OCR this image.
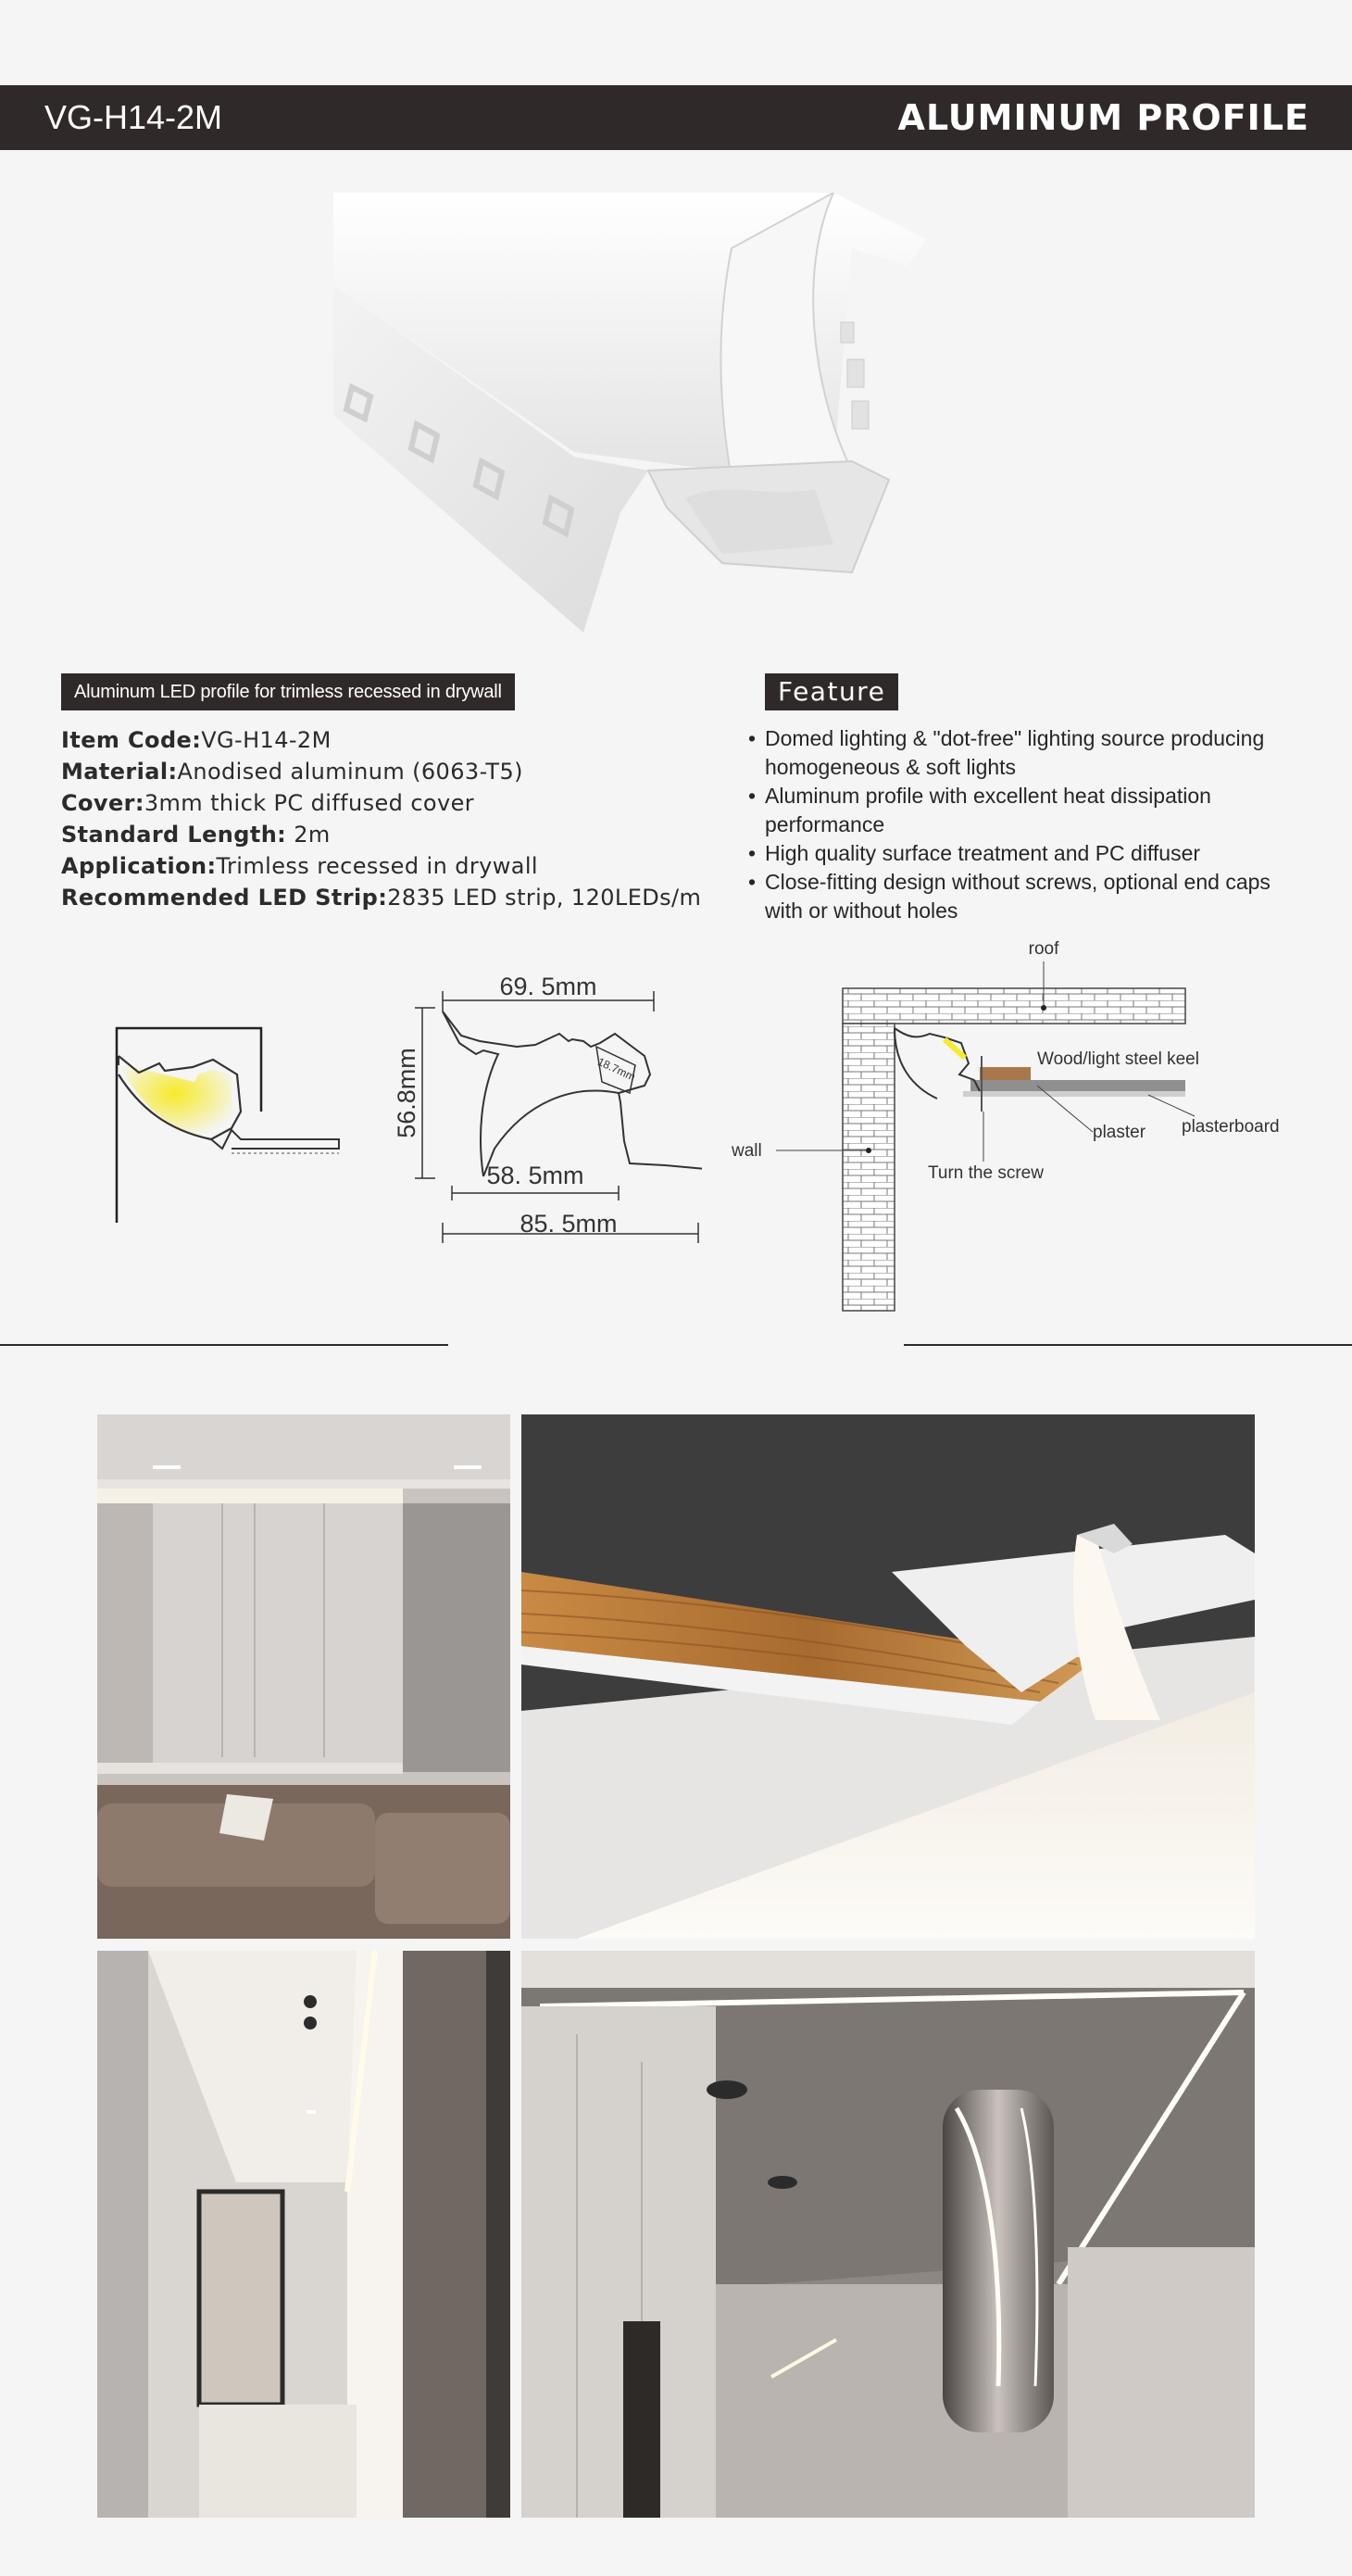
VG-H14-2M	ALUMINUM PROFILE
Aluminum LED profile for trimless recessed in drywall
Item Code:VG-H14-2M
Material:Anodised aluminum (6063-T5)
Cover:3mm thick PC diffused cover
Standard Length: 2m
Application:Trimless recessed in drywall
Recommended LED Strip:2835 LED strip, 120LEDs/m
Feature
• Domed lighting & "dot-free" lighting source producing homogeneous & soft lights
• Aluminum profile with excellent heat dissipation performance
• High quality surface treatment and PC diffuser
• Close-fitting design without screws, optional end caps with or without holes
69. 5mm
56.8mm	18.7mm
58. 5mm
85. 5mm
roof
Wood/light steel keel
plaster plasterboard
wall
Turn the screw
